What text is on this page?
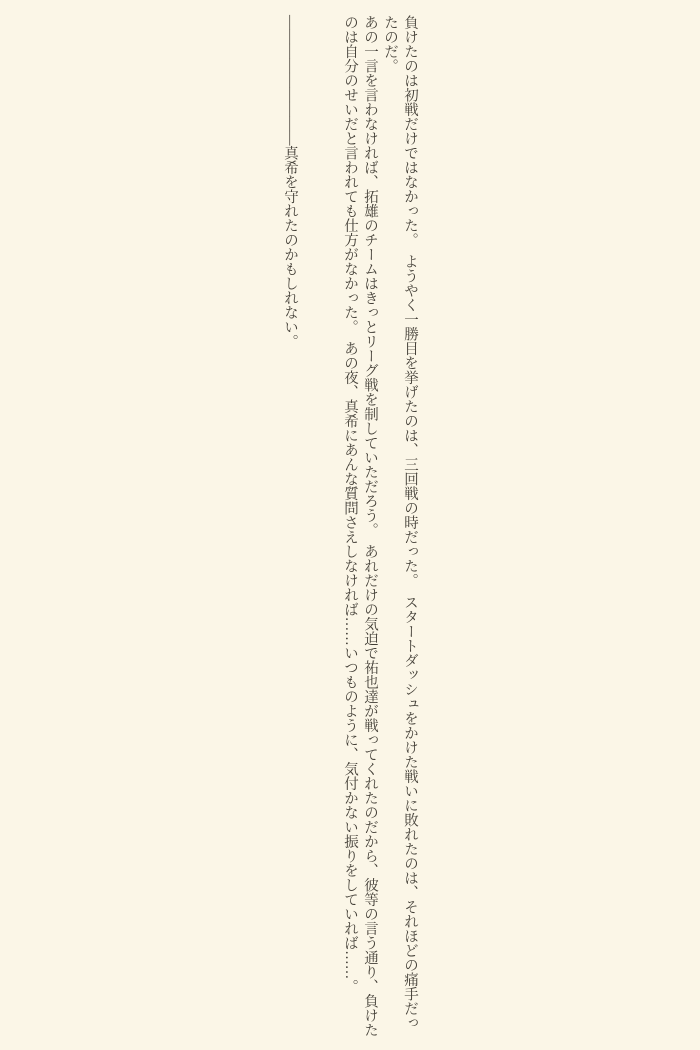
負けたのは初戦だけではなかった。　ようやく一勝目を挙げたのは、三回戦の時だった。　スタートダッシュをかけた戦いに敗れたのは、それほどの痛手だったのだ。

あの一言を言わなければ、拓雄のチームはきっとリーグ戦を制していただろう。　あれだけの気迫で祐也達が戦ってくれたのだから、彼等の言う通り、負けたのは自分のせいだと言われても仕方がなかった。　あの夜、真希にあんな質問さえしなければ……いつものように、気付かない振りをしていれば……。

―――――――――真希を守れたのかもしれない。
